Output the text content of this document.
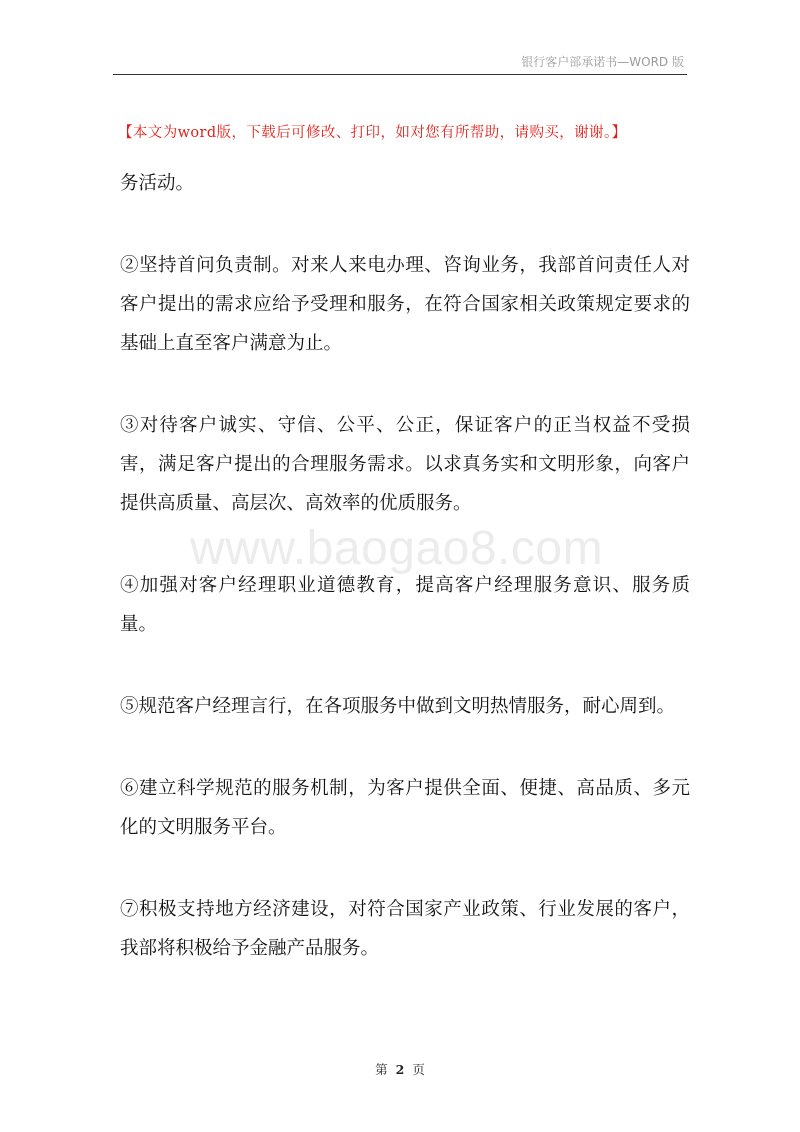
银行客户部承诺书—WORD 版
【本文为word版，下载后可修改、打印，如对您有所帮助，请购买，谢谢。】
www.baogao8.com

务活动。

②坚持首问负责制。对来人来电办理、咨询业务，我部首问责任人对客户提出的需求应给予受理和服务，在符合国家相关政策规定要求的基础上直至客户满意为止。

③对待客户诚实、守信、公平、公正，保证客户的正当权益不受损害，满足客户提出的合理服务需求。以求真务实和文明形象，向客户提供高质量、高层次、高效率的优质服务。

④加强对客户经理职业道德教育，提高客户经理服务意识、服务质量。

⑤规范客户经理言行，在各项服务中做到文明热情服务，耐心周到。

⑥建立科学规范的服务机制，为客户提供全面、便捷、高品质、多元化的文明服务平台。

⑦积极支持地方经济建设，对符合国家产业政策、行业发展的客户，我部将积极给予金融产品服务。

第 2 页
